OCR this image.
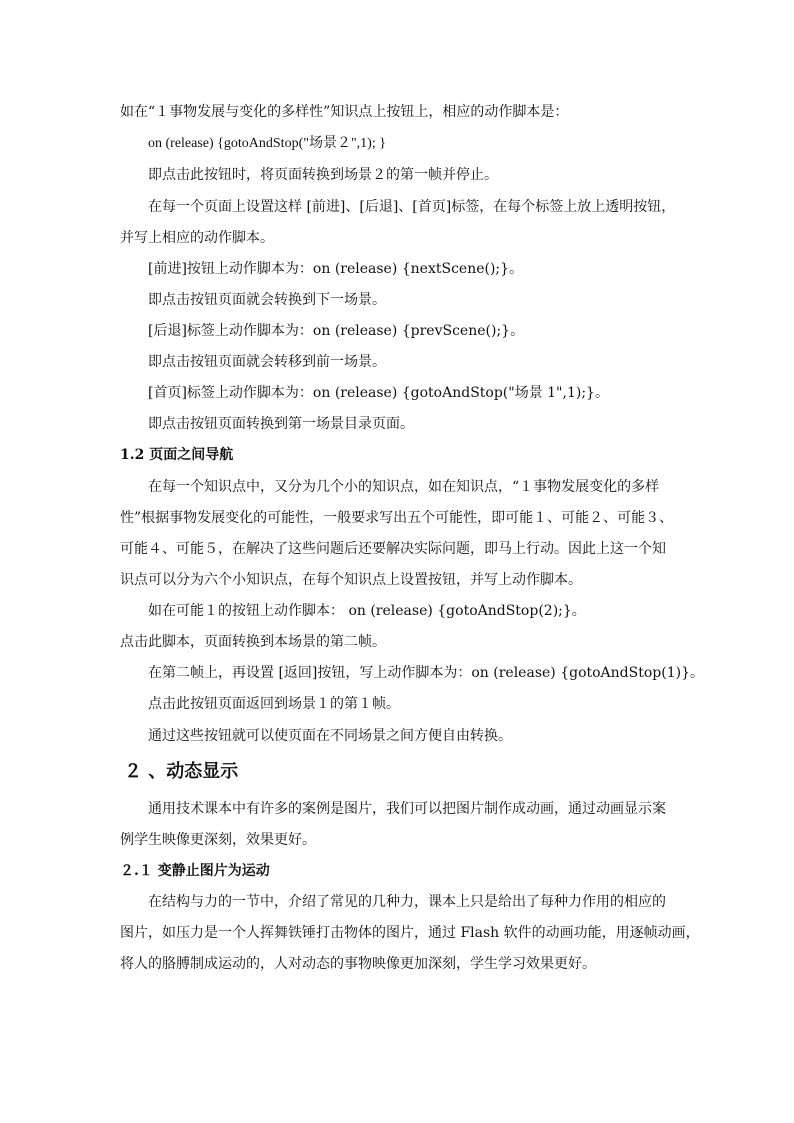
如在“１事物发展与变化的多样性”知识点上按钮上，相应的动作脚本是：
on (release) {gotoAndStop("场景２",1); }
即点击此按钮时，将页面转换到场景２的第一帧并停止。
在每一个页面上设置这样 [前进]、[后退]、[首页]标签，在每个标签上放上透明按钮，
并写上相应的动作脚本。
[前进]按钮上动作脚本为：on (release) {nextScene();}。
即点击按钮页面就会转换到下一场景。
[后退]标签上动作脚本为：on (release) {prevScene();}。
即点击按钮页面就会转移到前一场景。
[首页]标签上动作脚本为：on (release) {gotoAndStop("场景 1",1);}。
即点击按钮页面转换到第一场景目录页面。
1.2 页面之间导航
在每一个知识点中，又分为几个小的知识点，如在知识点，“１事物发展变化的多样
性”根据事物发展变化的可能性，一般要求写出五个可能性，即可能１、可能２、可能３、
可能４、可能５，在解决了这些问题后还要解决实际问题，即马上行动。因此上这一个知
识点可以分为六个小知识点，在每个知识点上设置按钮，并写上动作脚本。
如在可能１的按钮上动作脚本： on (release) {gotoAndStop(2);}。
点击此脚本，页面转换到本场景的第二帧。
在第二帧上，再设置 [返回]按钮，写上动作脚本为：on (release) {gotoAndStop(1)}。
点击此按钮页面返回到场景１的第１帧。
通过这些按钮就可以使页面在不同场景之间方便自由转换。
２ 、动态显示
通用技术课本中有许多的案例是图片，我们可以把图片制作成动画，通过动画显示案
例学生映像更深刻，效果更好。
２.１ 变静止图片为运动
在结构与力的一节中，介绍了常见的几种力，课本上只是给出了每种力作用的相应的
图片，如压力是一个人挥舞铁锤打击物体的图片，通过 Flash 软件的动画功能，用逐帧动画，
将人的胳膊制成运动的，人对动态的事物映像更加深刻，学生学习效果更好。
